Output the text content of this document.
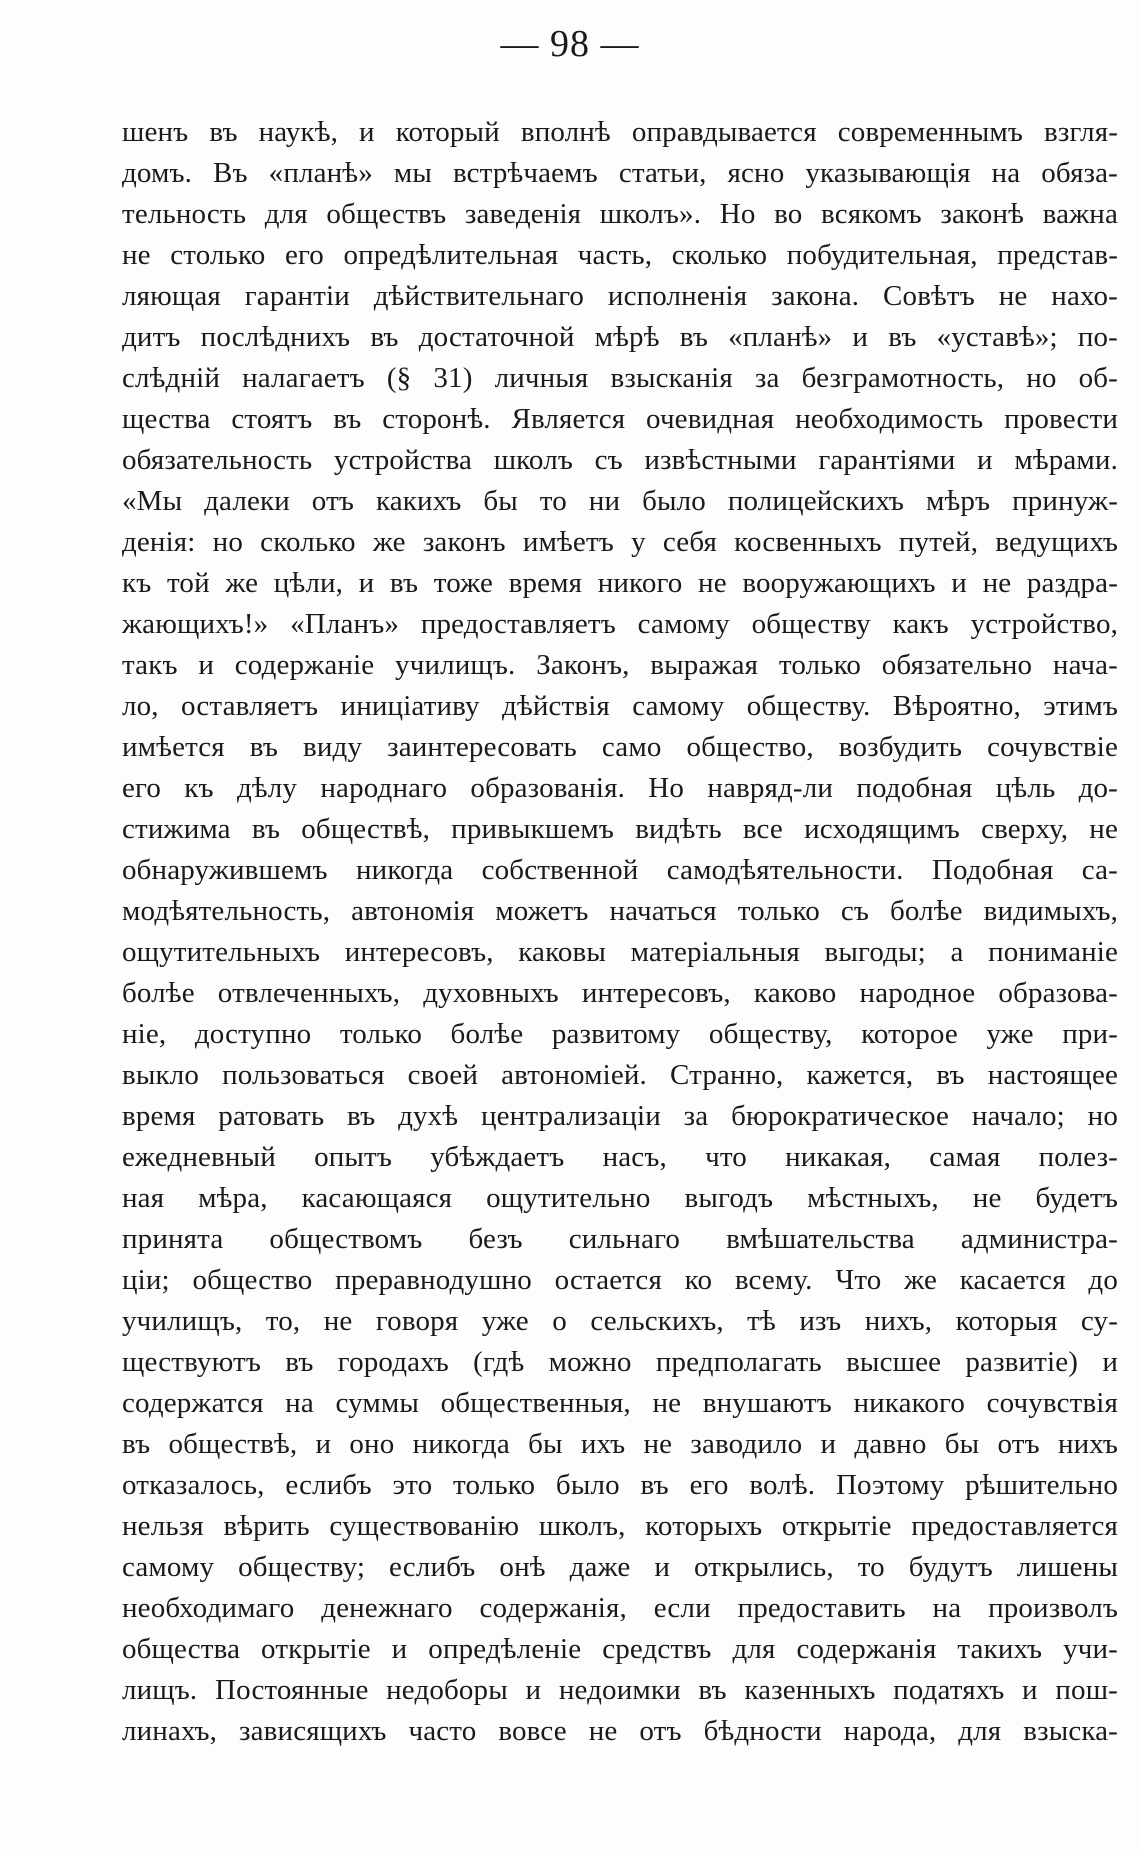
— 98 —
шенъ въ наукѣ, и который вполнѣ оправдывается современнымъ взгля-
домъ. Въ «планѣ» мы встрѣчаемъ статьи, ясно указывающія на обяза-
тельность для обществъ заведенія школъ». Но во всякомъ законѣ важна
не столько его опредѣлительная часть, сколько побудительная, представ-
ляющая гарантіи дѣйствительнаго исполненія закона. Совѣтъ не нахо-
дитъ послѣднихъ въ достаточной мѣрѣ въ «планѣ» и въ «уставѣ»; по-
слѣдній налагаетъ (§ 31) личныя взысканія за безграмотность, но об-
щества стоятъ въ сторонѣ. Является очевидная необходимость провести
обязательность устройства школъ съ извѣстными гарантіями и мѣрами.
«Мы далеки отъ какихъ бы то ни было полицейскихъ мѣръ принуж-
денія: но сколько же законъ имѣетъ у себя косвенныхъ путей, ведущихъ
къ той же цѣли, и въ тоже время никого не вооружающихъ и не раздра-
жающихъ!» «Планъ» предоставляетъ самому обществу какъ устройство,
такъ и содержаніе училищъ. Законъ, выражая только обязательно нача-
ло, оставляетъ иниціативу дѣйствія самому обществу. Вѣроятно, этимъ
имѣется въ виду заинтересовать само общество, возбудить сочувствіе
его къ дѣлу народнаго образованія. Но навряд-ли подобная цѣль до-
стижима въ обществѣ, привыкшемъ видѣть все исходящимъ сверху, не
обнаружившемъ никогда собственной самодѣятельности. Подобная са-
модѣятельность, автономія можетъ начаться только съ болѣе видимыхъ,
ощутительныхъ интересовъ, каковы матеріальныя выгоды; а пониманіе
болѣе отвлеченныхъ, духовныхъ интересовъ, каково народное образова-
ніе, доступно только болѣе развитому обществу, которое уже при-
выкло пользоваться своей автономіей. Странно, кажется, въ настоящее
время ратовать въ духѣ централизаціи за бюрократическое начало; но
ежедневный опытъ убѣждаетъ насъ, что никакая, самая полез-
ная мѣра, касающаяся ощутительно выгодъ мѣстныхъ, не будетъ
принята обществомъ безъ сильнаго вмѣшательства администра-
ціи; общество преравнодушно остается ко всему. Что же касается до
училищъ, то, не говоря уже о сельскихъ, тѣ изъ нихъ, которыя су-
ществуютъ въ городахъ (гдѣ можно предполагать высшее развитіе) и
содержатся на суммы общественныя, не внушаютъ никакого сочувствія
въ обществѣ, и оно никогда бы ихъ не заводило и давно бы отъ нихъ
отказалось, еслибъ это только было въ его волѣ. Поэтому рѣшительно
нельзя вѣрить существованію школъ, которыхъ открытіе предоставляется
самому обществу; еслибъ онѣ даже и открылись, то будутъ лишены
необходимаго денежнаго содержанія, если предоставить на произволъ
общества открытіе и опредѣленіе средствъ для содержанія такихъ учи-
лищъ. Постоянные недоборы и недоимки въ казенныхъ податяхъ и пош-
линахъ, зависящихъ часто вовсе не отъ бѣдности народа, для взыска-
